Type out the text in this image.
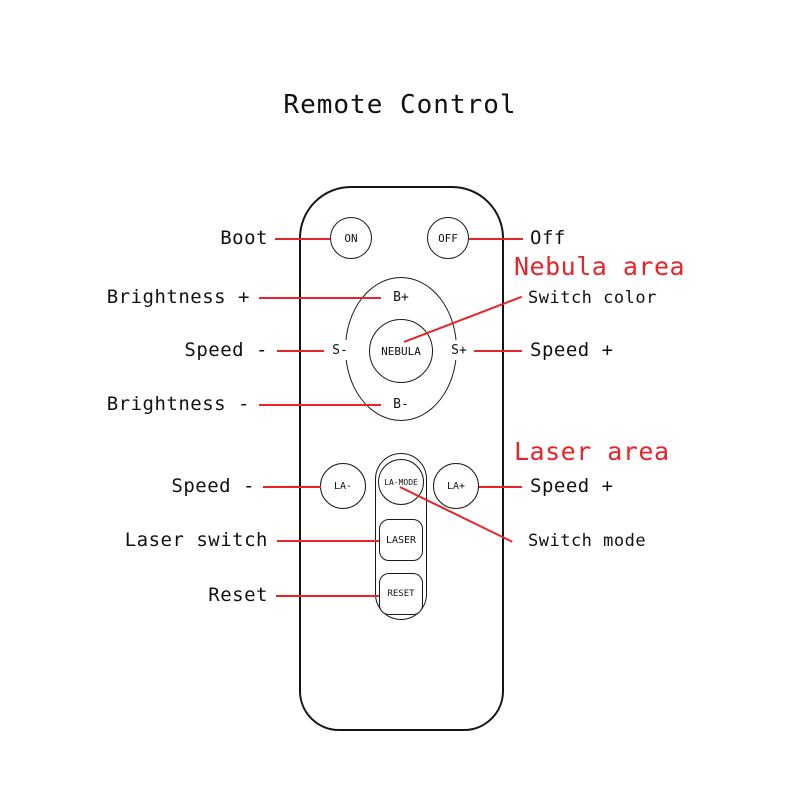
Remote Control
ON	OFF
B+
B-
S-	S+
NEBULA
LA-	LA+
LA-MODE
LASER
RESET
Boot
Brightness +
Speed -
Brightness -
Speed -
Laser switch
Reset
Off
Switch color
Speed +
Speed +
Switch mode
Nebula area
Laser area
